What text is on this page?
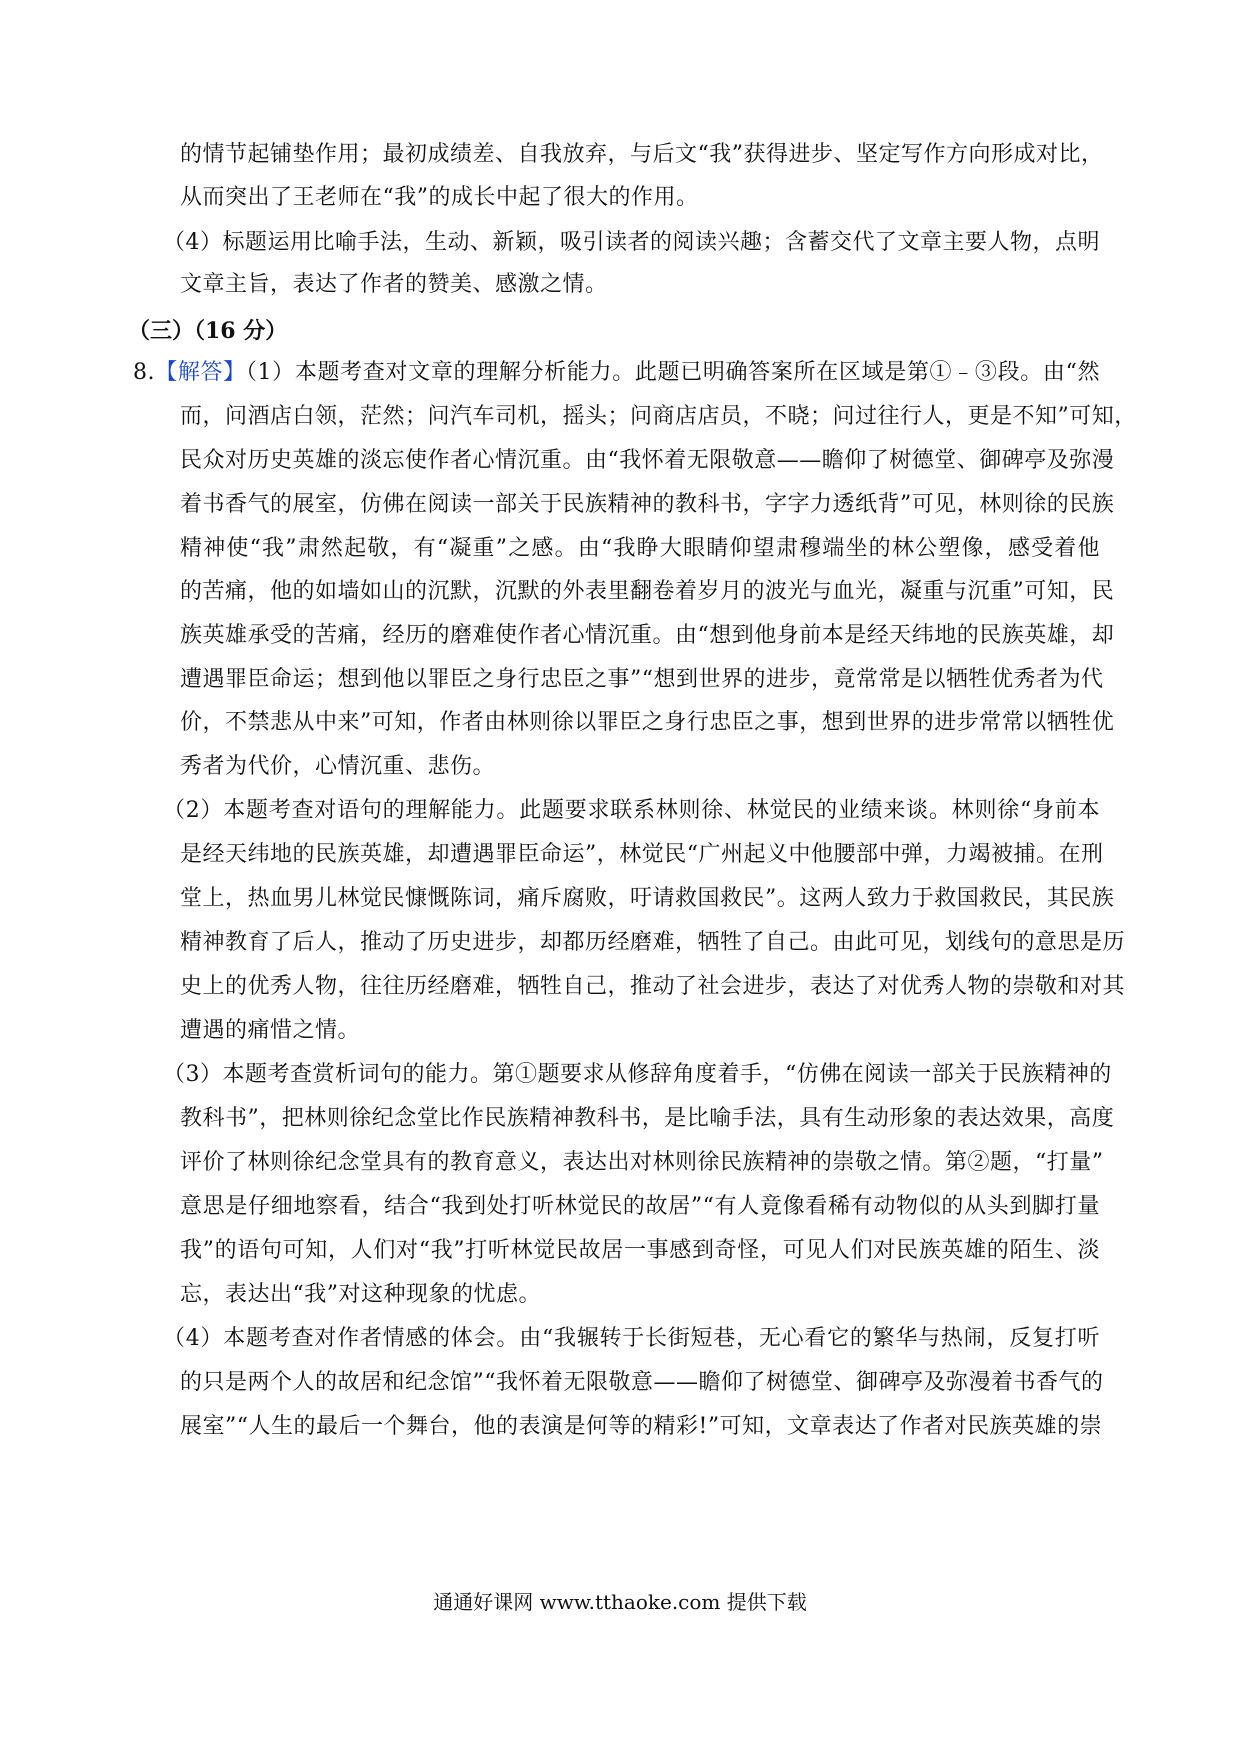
的情节起铺垫作用；最初成绩差、自我放弃，与后文“我”获得进步、坚定写作方向形成对比，
从而突出了王老师在“我”的成长中起了很大的作用。
（4）标题运用比喻手法，生动、新颖，吸引读者的阅读兴趣；含蓄交代了文章主要人物，点明
文章主旨，表达了作者的赞美、感激之情。
（三）（16 分）
8.【解答】（1）本题考查对文章的理解分析能力。此题已明确答案所在区域是第①﹣③段。由“然
而，问酒店白领，茫然；问汽车司机，摇头；问商店店员，不晓；问过往行人，更是不知”可知，
民众对历史英雄的淡忘使作者心情沉重。由“我怀着无限敬意——瞻仰了树德堂、御碑亭及弥漫
着书香气的展室，仿佛在阅读一部关于民族精神的教科书，字字力透纸背”可见，林则徐的民族
精神使“我”肃然起敬，有“凝重”之感。由“我睁大眼睛仰望肃穆端坐的林公塑像，感受着他
的苦痛，他的如墙如山的沉默，沉默的外表里翻卷着岁月的波光与血光，凝重与沉重”可知，民
族英雄承受的苦痛，经历的磨难使作者心情沉重。由“想到他身前本是经天纬地的民族英雄，却
遭遇罪臣命运；想到他以罪臣之身行忠臣之事”“想到世界的进步，竟常常是以牺牲优秀者为代
价，不禁悲从中来”可知，作者由林则徐以罪臣之身行忠臣之事，想到世界的进步常常以牺牲优
秀者为代价，心情沉重、悲伤。
（2）本题考查对语句的理解能力。此题要求联系林则徐、林觉民的业绩来谈。林则徐“身前本
是经天纬地的民族英雄，却遭遇罪臣命运”，林觉民“广州起义中他腰部中弹，力竭被捕。在刑
堂上，热血男儿林觉民慷慨陈词，痛斥腐败，吁请救国救民”。这两人致力于救国救民，其民族
精神教育了后人，推动了历史进步，却都历经磨难，牺牲了自己。由此可见，划线句的意思是历
史上的优秀人物，往往历经磨难，牺牲自己，推动了社会进步，表达了对优秀人物的崇敬和对其
遭遇的痛惜之情。
（3）本题考查赏析词句的能力。第①题要求从修辞角度着手，“仿佛在阅读一部关于民族精神的
教科书”，把林则徐纪念堂比作民族精神教科书，是比喻手法，具有生动形象的表达效果，高度
评价了林则徐纪念堂具有的教育意义，表达出对林则徐民族精神的崇敬之情。第②题，“打量”
意思是仔细地察看，结合“我到处打听林觉民的故居”“有人竟像看稀有动物似的从头到脚打量
我”的语句可知，人们对“我”打听林觉民故居一事感到奇怪，可见人们对民族英雄的陌生、淡
忘，表达出“我”对这种现象的忧虑。
（4）本题考查对作者情感的体会。由“我辗转于长街短巷，无心看它的繁华与热闹，反复打听
的只是两个人的故居和纪念馆”“我怀着无限敬意——瞻仰了树德堂、御碑亭及弥漫着书香气的
展室”“人生的最后一个舞台，他的表演是何等的精彩!”可知，文章表达了作者对民族英雄的崇
通通好课网 www.tthaoke.com 提供下载
